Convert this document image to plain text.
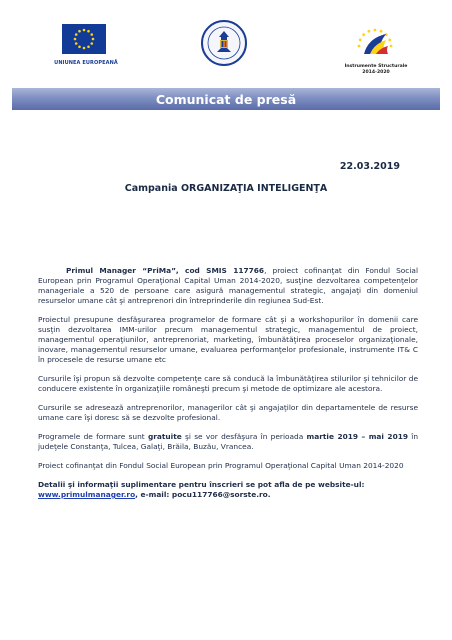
UNIUNEA EUROPEANĂ
Instrumente Structurale
2014-2020
Comunicat de presă
22.03.2019
Campania ORGANIZAŢIA INTELIGENŢA

Primul Manager “PriMa”, cod SMIS 117766, proiect cofinanţat din Fondul Social European prin Programul Operaţional Capital Uman 2014-2020, susţine dezvoltarea competenţelor manageriale a 520 de persoane care asigură managementul strategic, angajaţi din domeniul resurselor umane cât şi antreprenori din întreprinderile din regiunea Sud-Est.

Proiectul presupune desfăşurarea programelor de formare cât şi a workshopurilor în domenii care susţin dezvoltarea IMM-urilor precum managementul strategic, managementul de proiect, managementul operaţiunilor, antreprenoriat, marketing, îmbunătăţirea proceselor organizaţionale, inovare, managementul resurselor umane, evaluarea performanţelor profesionale, instrumente IT& C în procesele de resurse umane etc

Cursurile îşi propun să dezvolte competenţe care să conducă la îmbunătăţirea stilurilor şi tehnicilor de conducere existente în organizaţiile româneşti precum şi metode de optimizare ale acestora.

Cursurile se adresează antreprenorilor, managerilor cât şi angajaţilor din departamentele de resurse umane care îşi doresc să se dezvolte profesional.

Programele de formare sunt gratuite şi se vor desfăşura în perioada martie 2019 – mai 2019 în judeţele Constanţa, Tulcea, Galaţi, Brăila, Buzău, Vrancea.

Proiect cofinanţat din Fondul Social European prin Programul Operaţional Capital Uman 2014-2020

Detalii şi informaţii suplimentare pentru înscrieri se pot afla de pe website-ul: www.primulmanager.ro, e-mail: pocu117766@sorste.ro.
